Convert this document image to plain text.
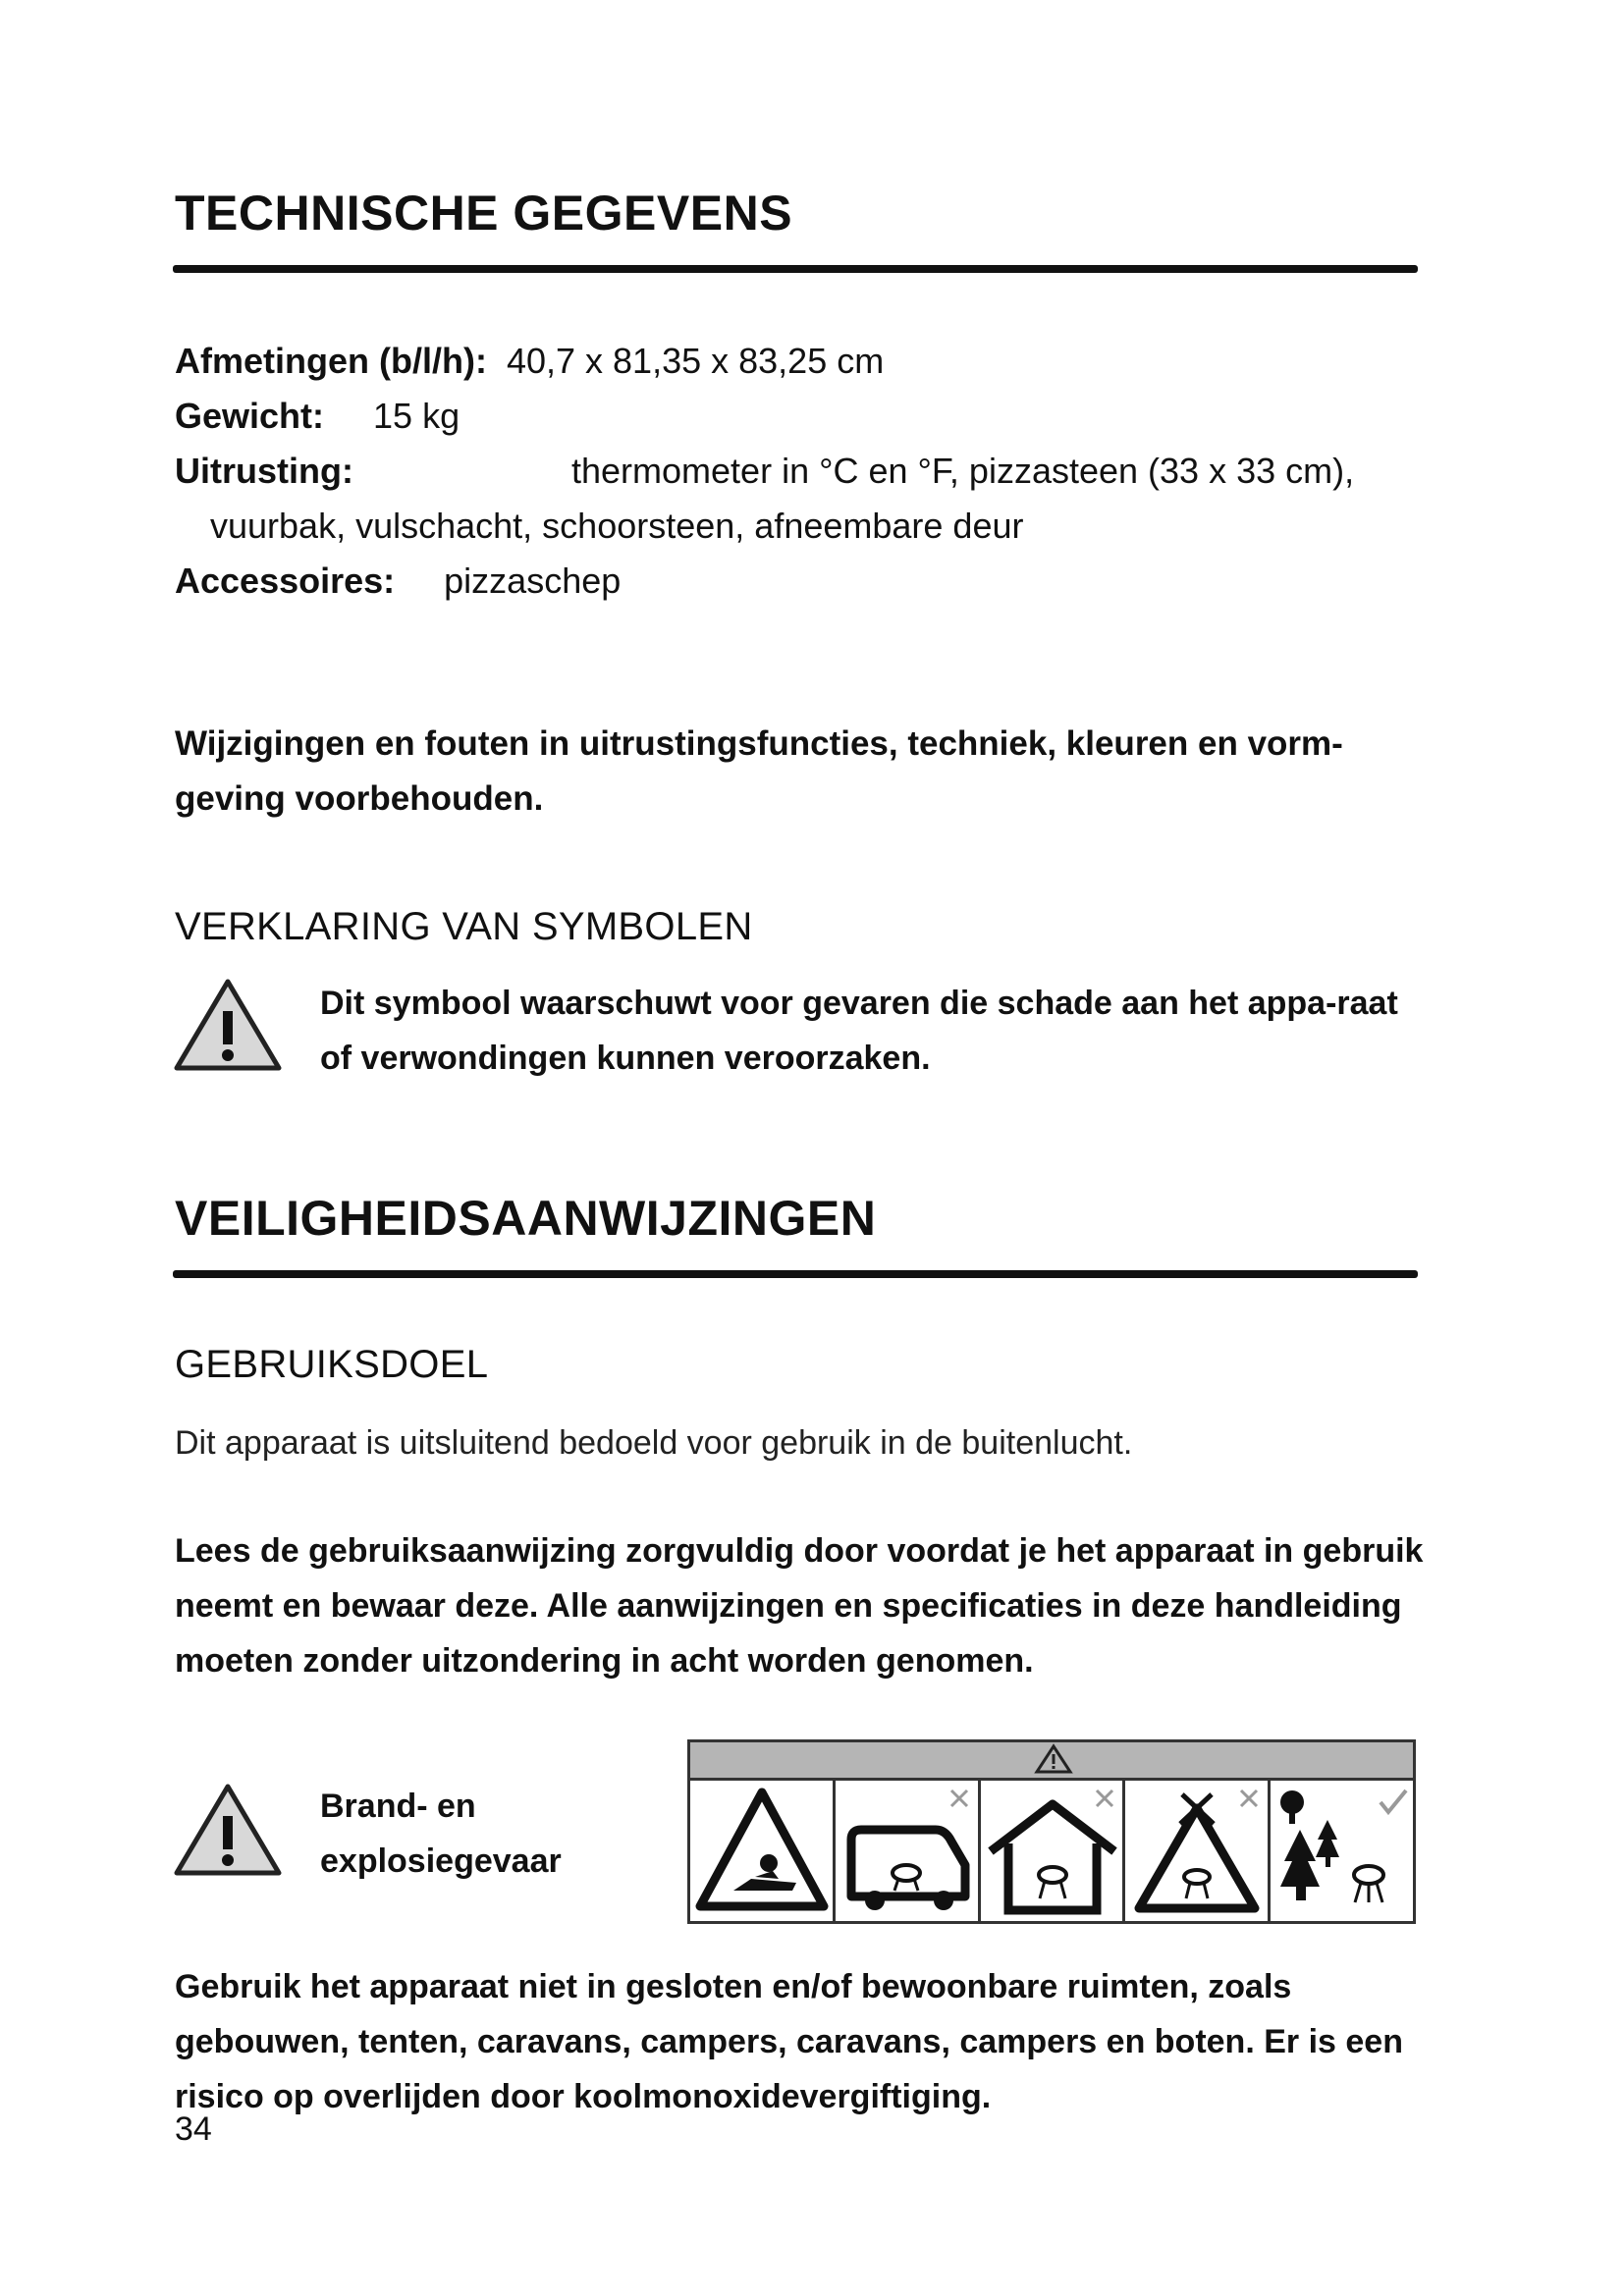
TECHNISCHE GEGEVENS
Afmetingen (b/l/h): 40,7 x 81,35 x 83,25 cm
Gewicht: 15 kg
Uitrusting:	thermometer in °C en °F, pizzasteen (33 x 33 cm),
vuurbak, vulschacht, schoorsteen, afneembare deur
Accessoires: pizzaschep
Wijzigingen en fouten in uitrustingsfuncties, techniek, kleuren en vorm-geving voorbehouden.
VERKLARING VAN SYMBOLEN
Dit symbool waarschuwt voor gevaren die schade aan het appa-raat of verwondingen kunnen veroorzaken.
VEILIGHEIDSAANWIJZINGEN
GEBRUIKSDOEL
Dit apparaat is uitsluitend bedoeld voor gebruik in de buitenlucht.
Lees de gebruiksaanwijzing zorgvuldig door voordat je het apparaat in gebruik neemt en bewaar deze. Alle aanwijzingen en specificaties in deze handleiding moeten zonder uitzondering in acht worden genomen.
Brand- en
explosiegevaar
Gebruik het apparaat niet in gesloten en/of bewoonbare ruimten, zoals gebouwen, tenten, caravans, campers, caravans, campers en boten. Er is een risico op overlijden door koolmonoxidevergiftiging.
34
